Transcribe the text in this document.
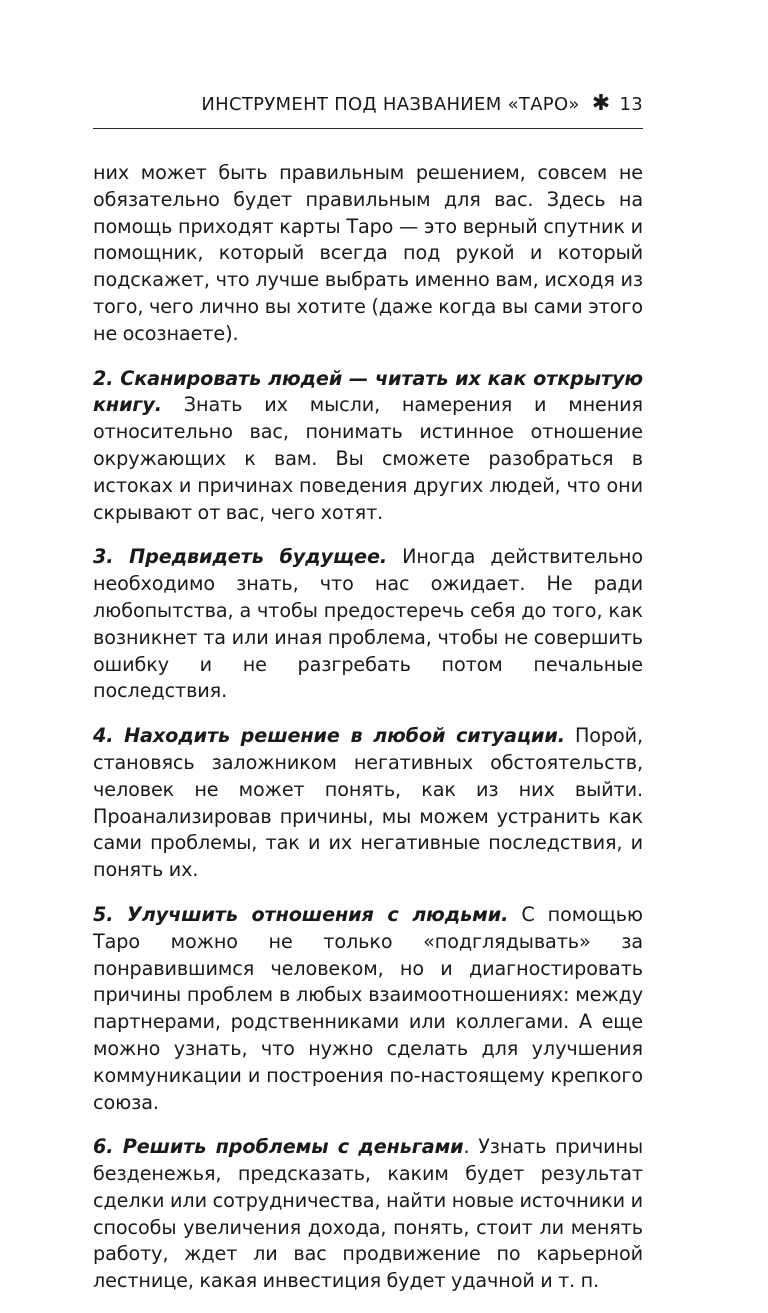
ИНСТРУМЕНТ ПОД НАЗВАНИЕМ «ТАРО» ✱ 13

них может быть правильным решением, совсем не обязательно будет правильным для вас. Здесь на помощь приходят карты Таро — это верный спутник и помощник, который всегда под рукой и который подскажет, что лучше выбрать именно вам, исходя из того, чего лично вы хотите (даже когда вы сами этого не осознаете).

2. Сканировать людей — читать их как открытую книгу. Знать их мысли, намерения и мнения относительно вас, понимать истинное отношение окружающих к вам. Вы сможете разобраться в истоках и причинах поведения других людей, что они скрывают от вас, чего хотят.

3. Предвидеть будущее. Иногда действительно необходимо знать, что нас ожидает. Не ради любопытства, а чтобы предостеречь себя до того, как возникнет та или иная проблема, чтобы не совершить ошибку и не разгребать потом печальные последствия.

4. Находить решение в любой ситуации. Порой, становясь заложником негативных обстоятельств, человек не может понять, как из них выйти. Проанализировав причины, мы можем устранить как сами проблемы, так и их негативные последствия, и понять их.

5. Улучшить отношения с людьми. С помощью Таро можно не только «подглядывать» за понравившимся человеком, но и диагностировать причины проблем в любых взаимоотношениях: между партнерами, родственниками или коллегами. А еще можно узнать, что нужно сделать для улучшения коммуникации и построения по-настоящему крепкого союза.

6. Решить проблемы с деньгами. Узнать причины безденежья, предсказать, каким будет результат сделки или сотрудничества, найти новые источники и способы увеличения дохода, понять, стоит ли менять работу, ждет ли вас продвижение по карьерной лестнице, какая инвестиция будет удачной и т. п.
